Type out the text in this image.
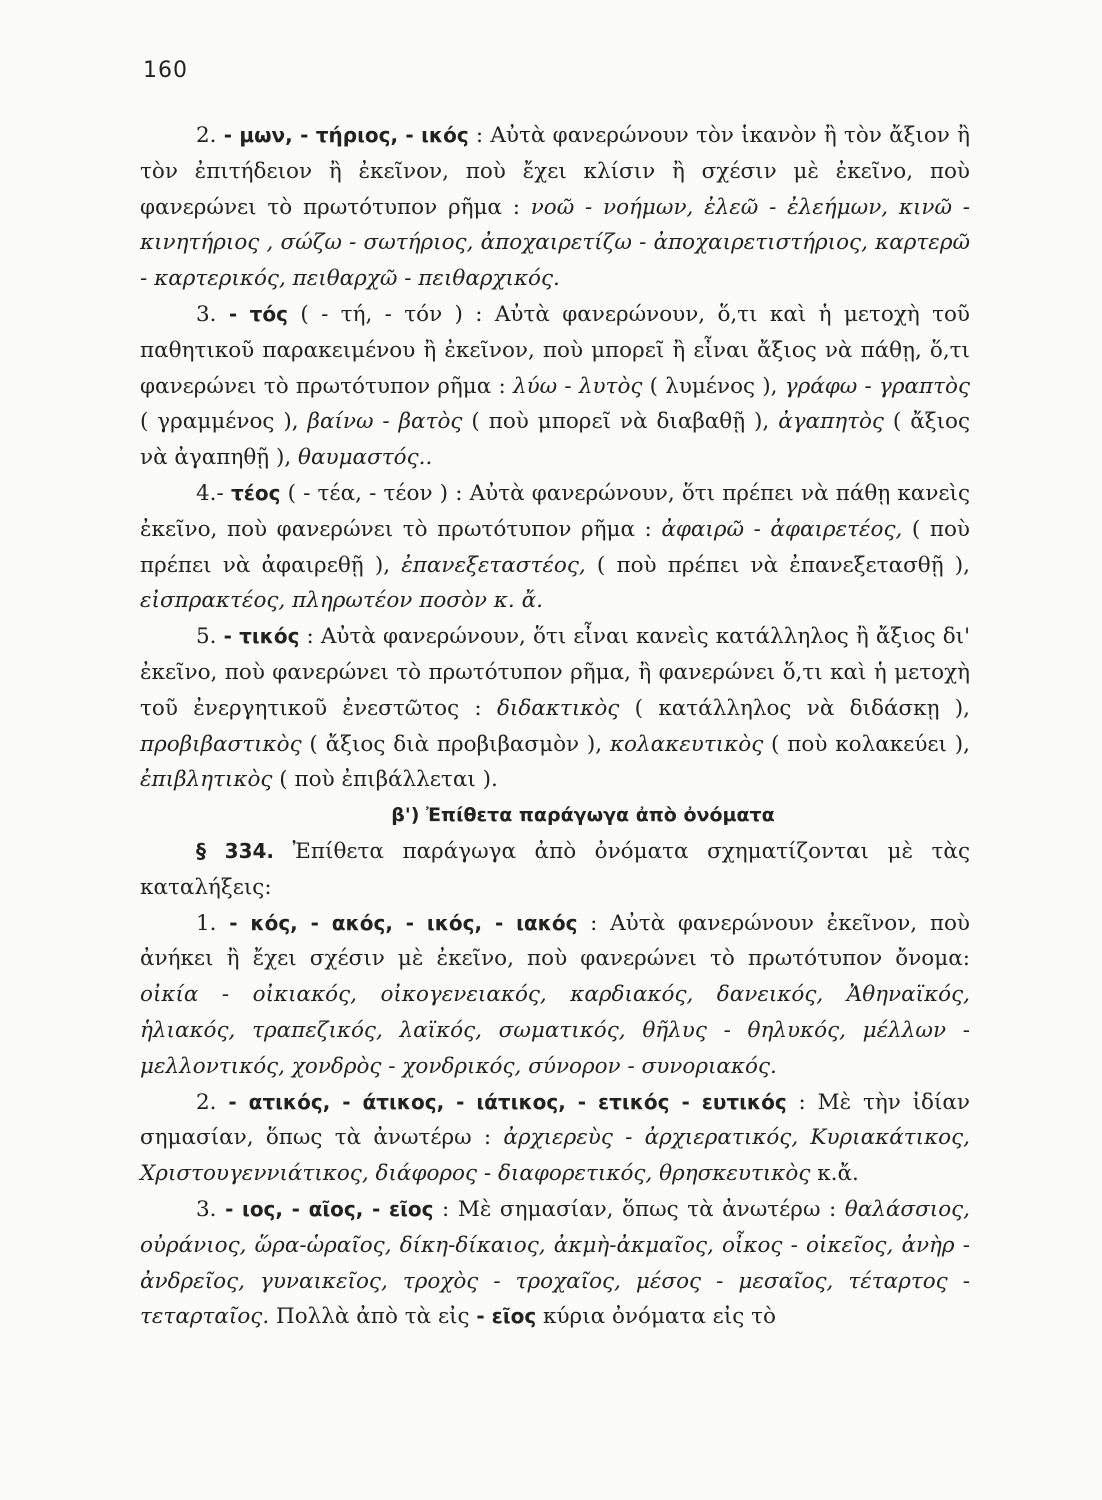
160

2. - μων, - τήριος, - ικός : Αὐτὰ φανερώνουν τὸν ἱκανὸν ἢ τὸν ἄξιον ἢ τὸν ἐπιτήδειον ἢ ἐκεῖνον, ποὺ ἔχει κλίσιν ἢ σχέσιν μὲ ἐκεῖνο, ποὺ φανερώνει τὸ πρωτότυπον ρῆμα : νοῶ - νοήμων, ἐλεῶ - ἐλεήμων, κινῶ - κινητήριος , σώζω - σωτήριος, ἀποχαιρετίζω - ἀποχαιρετιστήριος, καρτερῶ - καρτερικός, πειθαρχῶ - πειθαρχικός.

3. - τός ( - τή, - τόν ) : Αὐτὰ φανερώνουν, ὅ,τι καὶ ἡ μετοχὴ τοῦ παθητικοῦ παρακειμένου ἢ ἐκεῖνον, ποὺ μπορεῖ ἢ εἶναι ἄξιος νὰ πάθῃ, ὅ,τι φανερώνει τὸ πρωτότυπον ρῆμα : λύω - λυτὸς ( λυμένος ), γράφω - γραπτὸς ( γραμμένος ), βαίνω - βατὸς ( ποὺ μπορεῖ νὰ διαβαθῇ ), ἀγαπητὸς ( ἄξιος νὰ ἀγαπηθῇ ), θαυμαστός..

4.- τέος ( - τέα, - τέον ) : Αὐτὰ φανερώνουν, ὅτι πρέπει νὰ πάθῃ κανεὶς ἐκεῖνο, ποὺ φανερώνει τὸ πρωτότυπον ρῆμα : ἀφαιρῶ - ἀφαιρετέος, ( ποὺ πρέπει νὰ ἀφαιρεθῇ ), ἐπανεξεταστέος, ( ποὺ πρέπει νὰ ἐπανεξετασθῇ ), εἰσπρακτέος, πληρωτέον ποσὸν κ. ἄ.

5. - τικός : Αὐτὰ φανερώνουν, ὅτι εἶναι κανεὶς κατάλληλος ἢ ἄξιος δι' ἐκεῖνο, ποὺ φανερώνει τὸ πρωτότυπον ρῆμα, ἢ φανερώνει ὅ,τι καὶ ἡ μετοχὴ τοῦ ἐνεργητικοῦ ἐνεστῶτος : διδακτικὸς ( κατάλληλος νὰ διδάσκῃ ), προβιβαστικὸς ( ἄξιος διὰ προβιβασμὸν ), κολακευτικὸς ( ποὺ κολακεύει ), ἐπιβλητικὸς ( ποὺ ἐπιβάλλεται ).

β') Ἐπίθετα παράγωγα ἀπὸ ὀνόματα

§ 334. Ἐπίθετα παράγωγα ἀπὸ ὀνόματα σχηματίζονται μὲ τὰς καταλήξεις:

1. - κός, - ακός, - ικός, - ιακός : Αὐτὰ φανερώνουν ἐκεῖνον, ποὺ ἀνήκει ἢ ἔχει σχέσιν μὲ ἐκεῖνο, ποὺ φανερώνει τὸ πρωτότυπον ὄνομα: οἰκία - οἰκιακός, οἰκογενειακός, καρδιακός, δανεικός, Ἀθηναϊκός, ἡλιακός, τραπεζικός, λαϊκός, σωματικός, θῆλυς - θηλυκός, μέλλων - μελλοντικός, χονδρὸς - χονδρικός, σύνορον - συνοριακός.

2. - ατικός, - άτικος, - ιάτικος, - ετικός - ευτικός : Μὲ τὴν ἰδίαν σημασίαν, ὅπως τὰ ἀνωτέρω : ἀρχιερεὺς - ἀρχιερατικός, Κυριακάτικος, Χριστουγεννιάτικος, διάφορος - διαφορετικός, θρησκευτικὸς κ.ἄ.

3. - ιος, - αῖος, - εῖος : Μὲ σημασίαν, ὅπως τὰ ἀνωτέρω : θαλάσσιος, οὐράνιος, ὥρα-ὡραῖος, δίκη-δίκαιος, ἀκμὴ-ἀκμαῖος, οἶκος - οἰκεῖος, ἀνὴρ - ἀνδρεῖος, γυναικεῖος, τροχὸς - τροχαῖος, μέσος - μεσαῖος, τέταρτος - τεταρταῖος. Πολλὰ ἀπὸ τὰ εἰς - εῖος κύρια ὀνόματα εἰς τὸ
